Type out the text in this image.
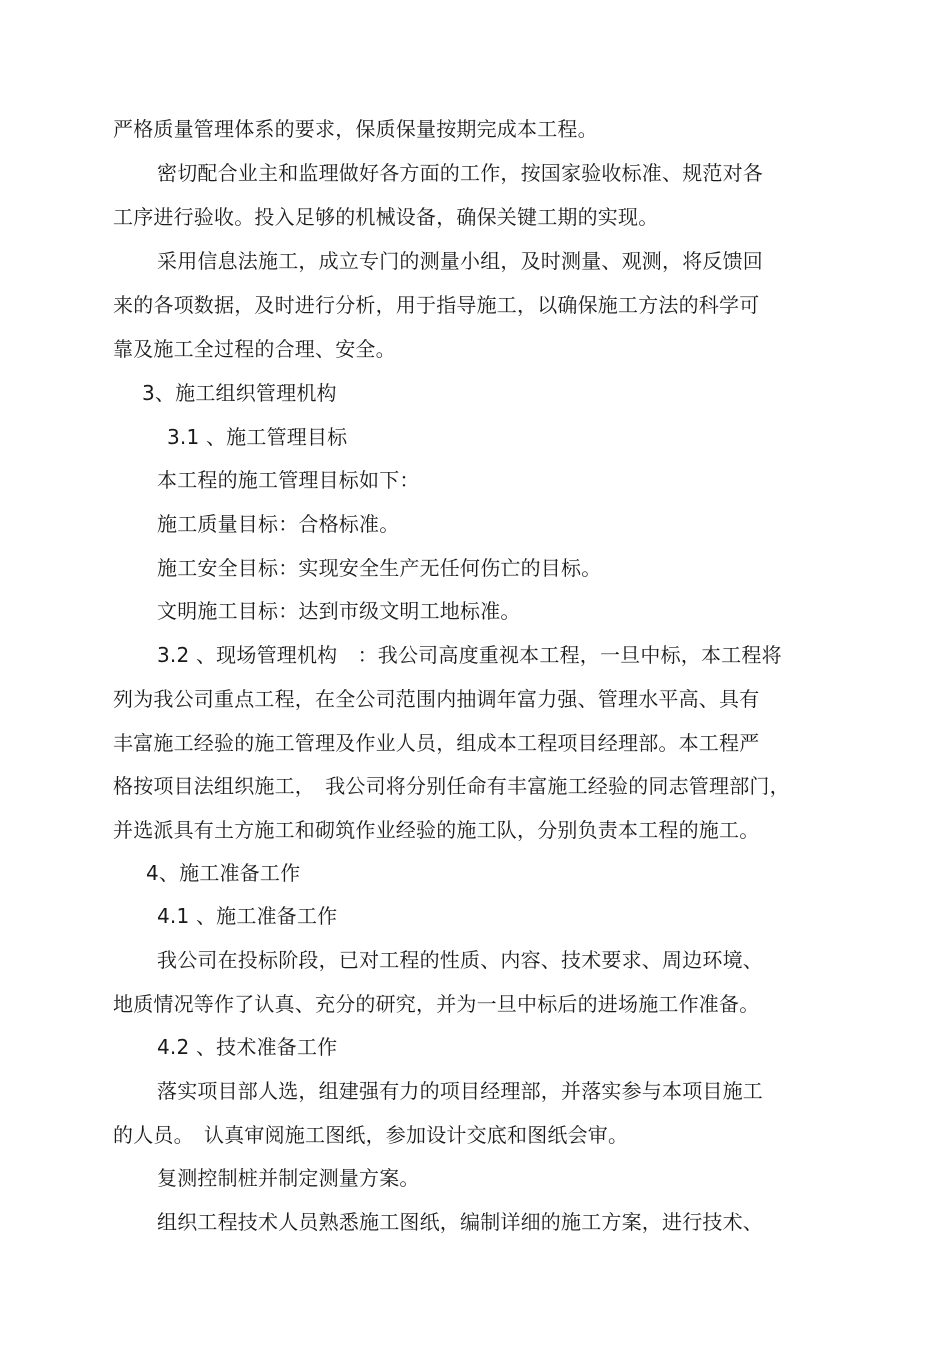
严格质量管理体系的要求，保质保量按期完成本工程。
密切配合业主和监理做好各方面的工作，按国家验收标准、规范对各
工序进行验收。投入足够的机械设备，确保关键工期的实现。
采用信息法施工，成立专门的测量小组，及时测量、观测，将反馈回
来的各项数据，及时进行分析，用于指导施工，以确保施工方法的科学可
靠及施工全过程的合理、安全。
3、施工组织管理机构
3.1 、施工管理目标
本工程的施工管理目标如下：
施工质量目标：合格标准。
施工安全目标：实现安全生产无任何伤亡的目标。
文明施工目标：达到市级文明工地标准。
3.2 、现场管理机构　：我公司高度重视本工程，一旦中标，本工程将
列为我公司重点工程，在全公司范围内抽调年富力强、管理水平高、具有
丰富施工经验的施工管理及作业人员，组成本工程项目经理部。本工程严
格按项目法组织施工，　我公司将分别任命有丰富施工经验的同志管理部门，
并选派具有土方施工和砌筑作业经验的施工队，分别负责本工程的施工。
4、施工准备工作
4.1 、施工准备工作
我公司在投标阶段，已对工程的性质、内容、技术要求、周边环境、
地质情况等作了认真、充分的研究，并为一旦中标后的进场施工作准备。
4.2 、技术准备工作
落实项目部人选，组建强有力的项目经理部，并落实参与本项目施工
的人员。　认真审阅施工图纸，参加设计交底和图纸会审。
复测控制桩并制定测量方案。
组织工程技术人员熟悉施工图纸，编制详细的施工方案，进行技术、
